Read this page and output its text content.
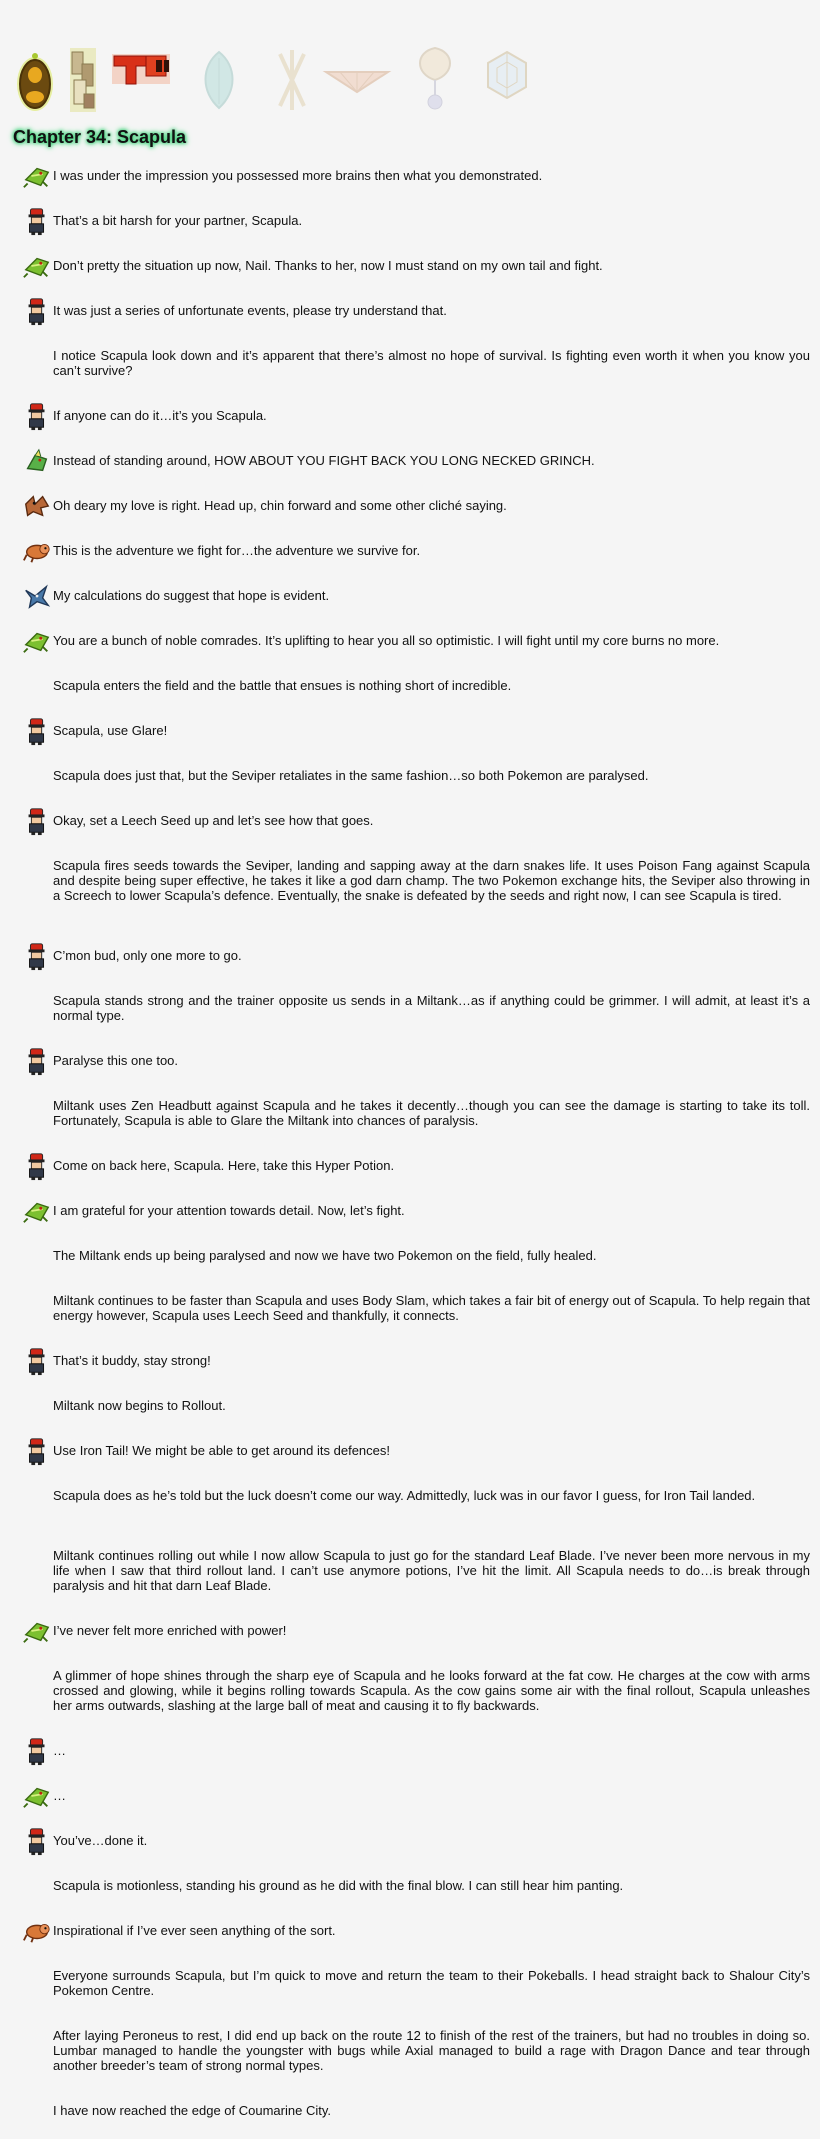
Chapter 34: Scapula

I was under the impression you possessed more brains then what you demonstrated.

That’s a bit harsh for your partner, Scapula.

Don’t pretty the situation up now, Nail. Thanks to her, now I must stand on my own tail and fight.

It was just a series of unfortunate events, please try understand that.

I notice Scapula look down and it’s apparent that there’s almost no hope of survival. Is fighting even worth it when you know you can’t survive?

If anyone can do it…it’s you Scapula.

Instead of standing around, HOW ABOUT YOU FIGHT BACK YOU LONG NECKED GRINCH.

Oh deary my love is right. Head up, chin forward and some other cliché saying.

This is the adventure we fight for…the adventure we survive for.

My calculations do suggest that hope is evident.

You are a bunch of noble comrades. It’s uplifting to hear you all so optimistic. I will fight until my core burns no more.

Scapula enters the field and the battle that ensues is nothing short of incredible.

Scapula, use Glare!

Scapula does just that, but the Seviper retaliates in the same fashion…so both Pokemon are paralysed.

Okay, set a Leech Seed up and let’s see how that goes.

Scapula fires seeds towards the Seviper, landing and sapping away at the darn snakes life. It uses Poison Fang against Scapula and despite being super effective, he takes it like a god darn champ. The two Pokemon exchange hits, the Seviper also throwing in a Screech to lower Scapula’s defence. Eventually, the snake is defeated by the seeds and right now, I can see Scapula is tired.

C’mon bud, only one more to go.

Scapula stands strong and the trainer opposite us sends in a Miltank…as if anything could be grimmer. I will admit, at least it’s a normal type.

Paralyse this one too.

Miltank uses Zen Headbutt against Scapula and he takes it decently…though you can see the damage is starting to take its toll. Fortunately, Scapula is able to Glare the Miltank into chances of paralysis.

Come on back here, Scapula. Here, take this Hyper Potion.

I am grateful for your attention towards detail. Now, let’s fight.

The Miltank ends up being paralysed and now we have two Pokemon on the field, fully healed.

Miltank continues to be faster than Scapula and uses Body Slam, which takes a fair bit of energy out of Scapula. To help regain that energy however, Scapula uses Leech Seed and thankfully, it connects.

That’s it buddy, stay strong!

Miltank now begins to Rollout.

Use Iron Tail! We might be able to get around its defences!

Scapula does as he’s told but the luck doesn’t come our way. Admittedly, luck was in our favor I guess, for Iron Tail landed.

Miltank continues rolling out while I now allow Scapula to just go for the standard Leaf Blade. I’ve never been more nervous in my life when I saw that third rollout land. I can’t use anymore potions, I’ve hit the limit. All Scapula needs to do…is break through paralysis and hit that darn Leaf Blade.

I’ve never felt more enriched with power!

A glimmer of hope shines through the sharp eye of Scapula and he looks forward at the fat cow. He charges at the cow with arms crossed and glowing, while it begins rolling towards Scapula. As the cow gains some air with the final rollout, Scapula unleashes her arms outwards, slashing at the large ball of meat and causing it to fly backwards.

…

…

You’ve…done it.

Scapula is motionless, standing his ground as he did with the final blow. I can still hear him panting.

Inspirational if I’ve ever seen anything of the sort.

Everyone surrounds Scapula, but I’m quick to move and return the team to their Pokeballs. I head straight back to Shalour City’s Pokemon Centre.

After laying Peroneus to rest, I did end up back on the route 12 to finish of the rest of the trainers, but had no troubles in doing so. Lumbar managed to handle the youngster with bugs while Axial managed to build a rage with Dragon Dance and tear through another breeder’s team of strong normal types.

I have now reached the edge of Coumarine City.
